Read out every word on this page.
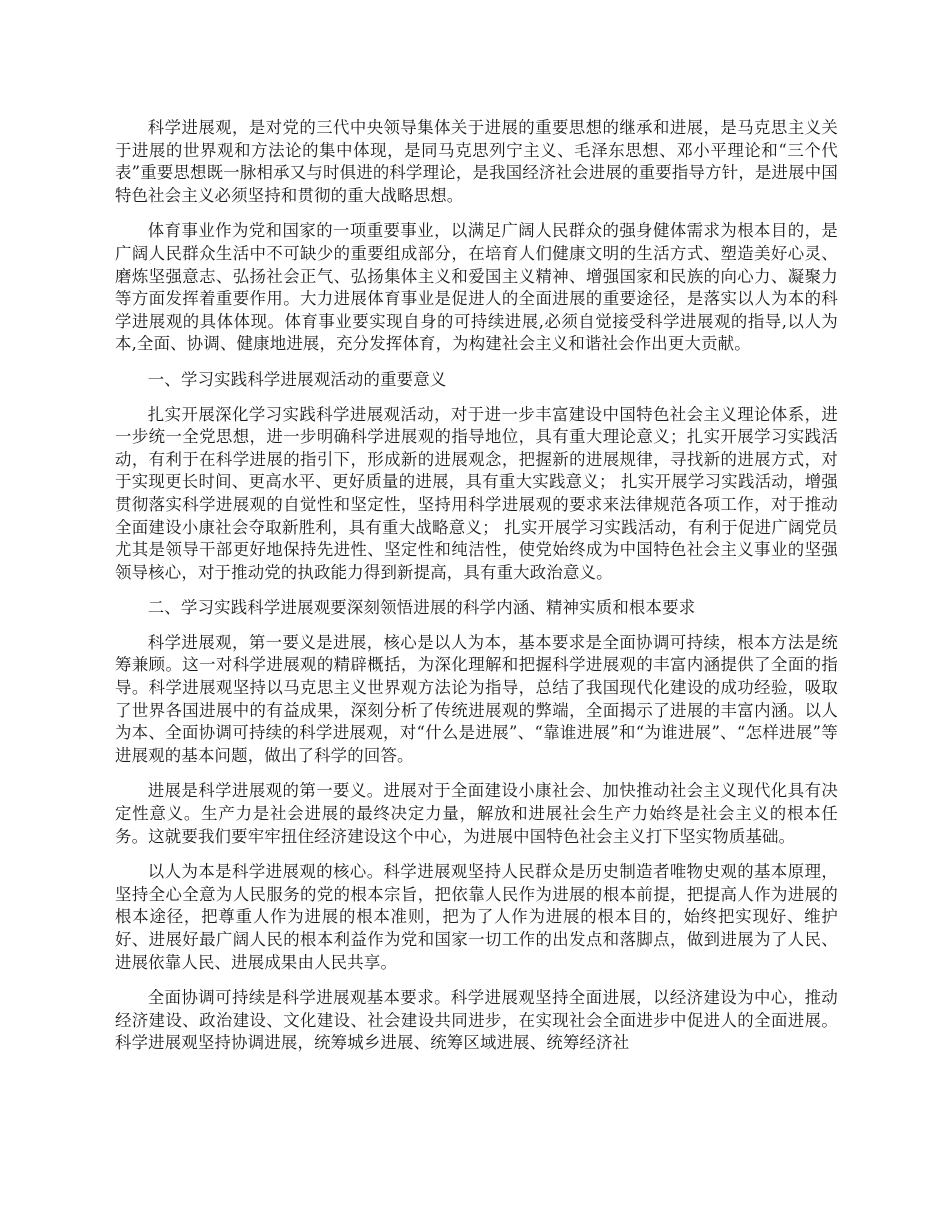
科学进展观，是对党的三代中央领导集体关于进展的重要思想的继承和进展，是马克思主义关于进展的世界观和方法论的集中体现，是同马克思列宁主义、毛泽东思想、邓小平理论和“三个代表”重要思想既一脉相承又与时俱进的科学理论，是我国经济社会进展的重要指导方针，是进展中国特色社会主义必须坚持和贯彻的重大战略思想。

体育事业作为党和国家的一项重要事业，以满足广阔人民群众的强身健体需求为根本目的，是广阔人民群众生活中不可缺少的重要组成部分，在培育人们健康文明的生活方式、塑造美好心灵、磨炼坚强意志、弘扬社会正气、弘扬集体主义和爱国主义精神、增强国家和民族的向心力、凝聚力等方面发挥着重要作用。大力进展体育事业是促进人的全面进展的重要途径，是落实以人为本的科学进展观的具体体现。体育事业要实现自身的可持续进展,必须自觉接受科学进展观的指导,以人为本,全面、协调、健康地进展，充分发挥体育，为构建社会主义和谐社会作出更大贡献。

一、学习实践科学进展观活动的重要意义

扎实开展深化学习实践科学进展观活动，对于进一步丰富建设中国特色社会主义理论体系，进一步统一全党思想，进一步明确科学进展观的指导地位，具有重大理论意义；扎实开展学习实践活动，有利于在科学进展的指引下，形成新的进展观念，把握新的进展规律，寻找新的进展方式，对于实现更长时间、更高水平、更好质量的进展，具有重大实践意义； 扎实开展学习实践活动，增强贯彻落实科学进展观的自觉性和坚定性，坚持用科学进展观的要求来法律规范各项工作，对于推动全面建设小康社会夺取新胜利，具有重大战略意义； 扎实开展学习实践活动，有利于促进广阔党员尤其是领导干部更好地保持先进性、坚定性和纯洁性，使党始终成为中国特色社会主义事业的坚强领导核心，对于推动党的执政能力得到新提高，具有重大政治意义。

二、学习实践科学进展观要深刻领悟进展的科学内涵、精神实质和根本要求

科学进展观，第一要义是进展，核心是以人为本，基本要求是全面协调可持续，根本方法是统筹兼顾。这一对科学进展观的精辟概括，为深化理解和把握科学进展观的丰富内涵提供了全面的指导。科学进展观坚持以马克思主义世界观方法论为指导，总结了我国现代化建设的成功经验，吸取了世界各国进展中的有益成果，深刻分析了传统进展观的弊端，全面揭示了进展的丰富内涵。以人为本、全面协调可持续的科学进展观，对“什么是进展”、“靠谁进展”和“为谁进展”、“怎样进展”等进展观的基本问题，做出了科学的回答。

进展是科学进展观的第一要义。进展对于全面建设小康社会、加快推动社会主义现代化具有决定性意义。生产力是社会进展的最终决定力量，解放和进展社会生产力始终是社会主义的根本任务。这就要我们要牢牢扭住经济建设这个中心，为进展中国特色社会主义打下坚实物质基础。

以人为本是科学进展观的核心。科学进展观坚持人民群众是历史制造者唯物史观的基本原理，坚持全心全意为人民服务的党的根本宗旨，把依靠人民作为进展的根本前提，把提高人作为进展的根本途径，把尊重人作为进展的根本准则，把为了人作为进展的根本目的，始终把实现好、维护好、进展好最广阔人民的根本利益作为党和国家一切工作的出发点和落脚点，做到进展为了人民、进展依靠人民、进展成果由人民共享。

全面协调可持续是科学进展观基本要求。科学进展观坚持全面进展，以经济建设为中心，推动经济建设、政治建设、文化建设、社会建设共同进步，在实现社会全面进步中促进人的全面进展。科学进展观坚持协调进展，统筹城乡进展、统筹区域进展、统筹经济社
